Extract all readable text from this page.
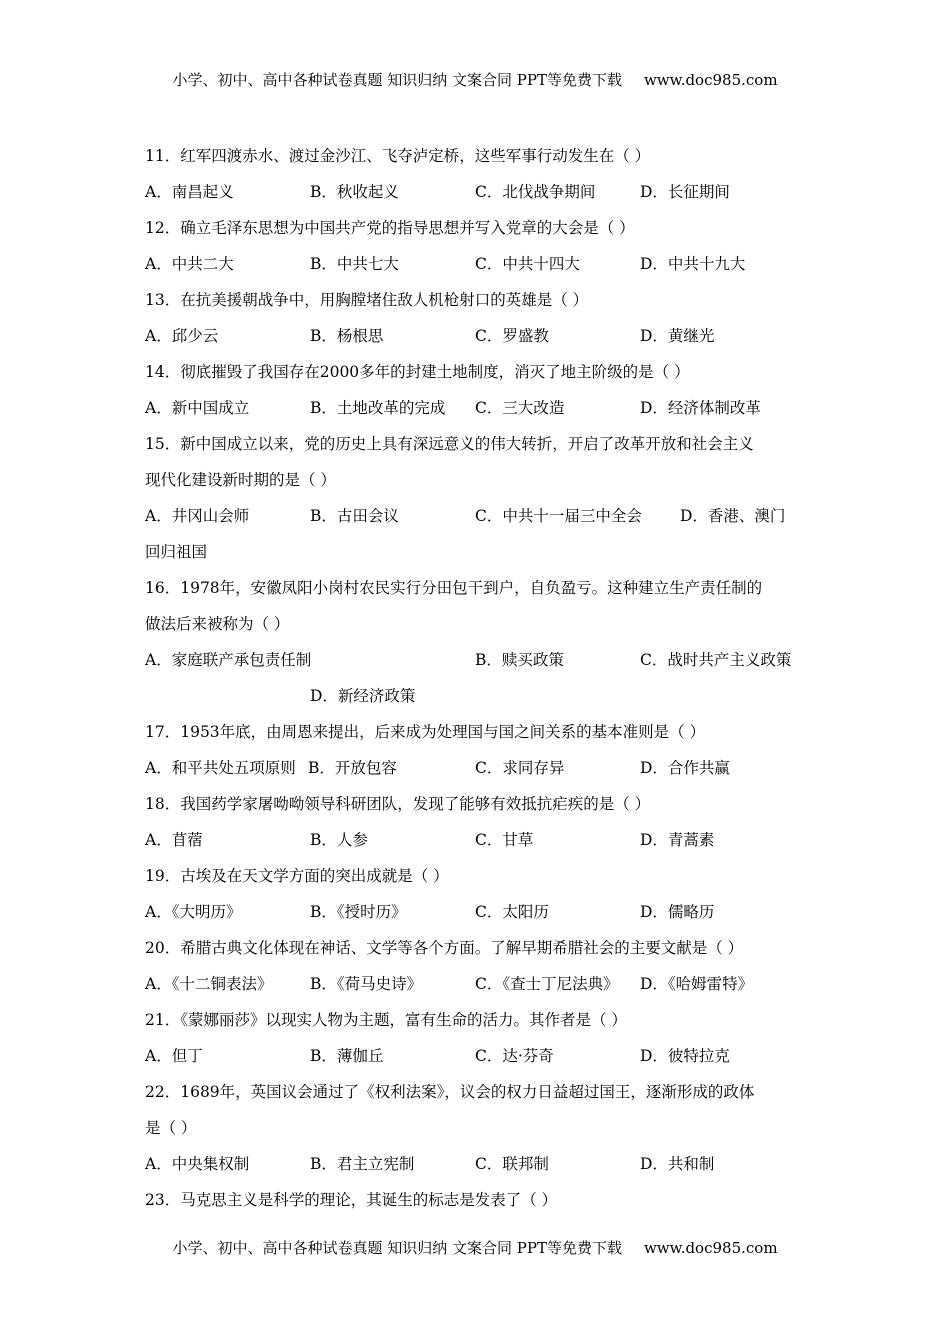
小学、初中、高中各种试卷真题 知识归纳 文案合同 PPT等免费下载 www.doc985.com
11．红军四渡赤水、渡过金沙江、飞夺泸定桥，这些军事行动发生在（ ）
A．南昌起义	B．秋收起义	C．北伐战争期间	D．长征期间
12．确立毛泽东思想为中国共产党的指导思想并写入党章的大会是（ ）
A．中共二大	B．中共七大	C．中共十四大	D．中共十九大
13．在抗美援朝战争中，用胸膛堵住敌人机枪射口的英雄是（ ）
A．邱少云	B．杨根思	C．罗盛教	D．黄继光
14．彻底摧毁了我国存在2000多年的封建土地制度，消灭了地主阶级的是（ ）
A．新中国成立	B．土地改革的完成 C．三大改造	D．经济体制改革
15．新中国成立以来，党的历史上具有深远意义的伟大转折，开启了改革开放和社会主义
现代化建设新时期的是（ ）
A．井冈山会师	B．古田会议	C．中共十一届三中全会 D．香港、澳门
回归祖国
16．1978年，安徽凤阳小岗村农民实行分田包干到户，自负盈亏。这种建立生产责任制的
做法后来被称为（ ）
A．家庭联产承包责任制	B．赎买政策	C．战时共产主义政策
D．新经济政策
17．1953年底，由周恩来提出，后来成为处理国与国之间关系的基本准则是（ ）
A．和平共处五项原则 B．开放包容	C．求同存异	D．合作共赢
18．我国药学家屠呦呦领导科研团队，发现了能够有效抵抗疟疾的是（ ）
A．苜蓿	B．人参	C．甘草	D．青蒿素
19．古埃及在天文学方面的突出成就是（ ）
A．《大明历》	B．《授时历》	C．太阳历	D．儒略历
20．希腊古典文化体现在神话、文学等各个方面。了解早期希腊社会的主要文献是（ ）
A．《十二铜表法》 B．《荷马史诗》	C．《查士丁尼法典》 D．《哈姆雷特》
21．《蒙娜丽莎》以现实人物为主题，富有生命的活力。其作者是（ ）
A．但丁	B．薄伽丘	C．达·芬奇	D．彼特拉克
22．1689年，英国议会通过了《权利法案》，议会的权力日益超过国王，逐渐形成的政体
是（ ）
A．中央集权制	B．君主立宪制	C．联邦制	D．共和制
23．马克思主义是科学的理论，其诞生的标志是发表了（ ）
小学、初中、高中各种试卷真题 知识归纳 文案合同 PPT等免费下载 www.doc985.com
